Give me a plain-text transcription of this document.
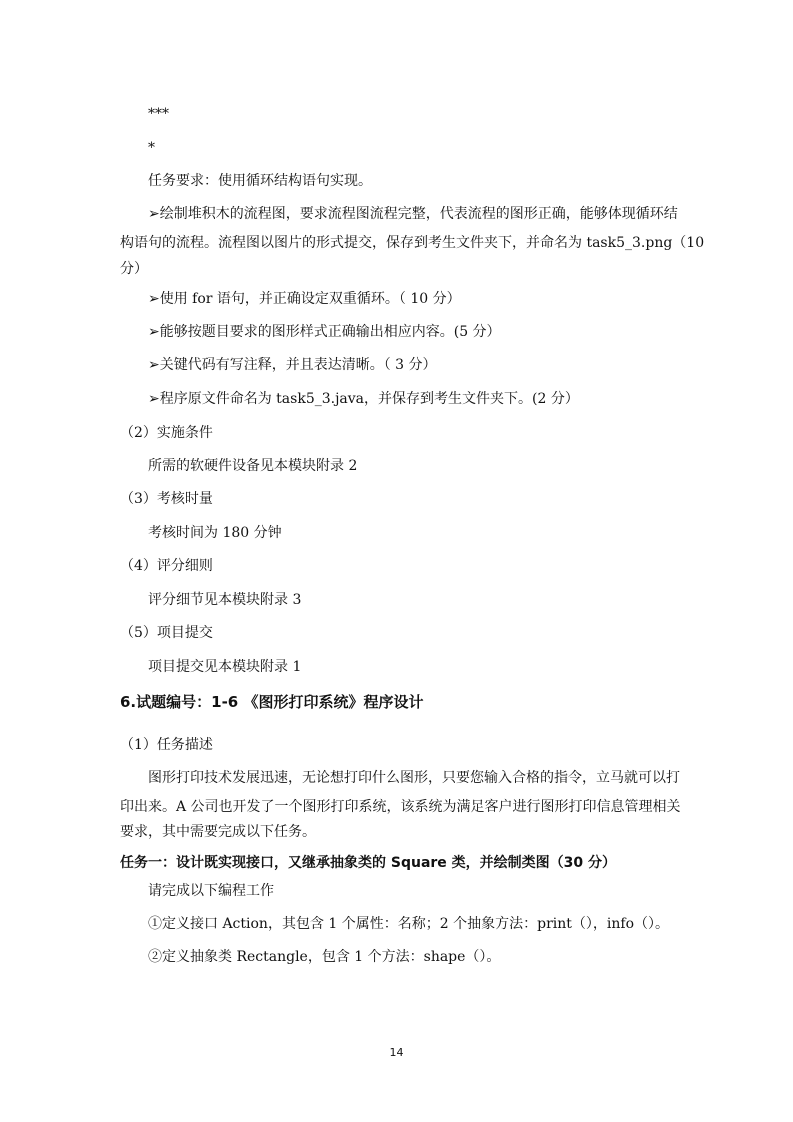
***
*
任务要求：使用循环结构语句实现。
➢绘制堆积木的流程图，要求流程图流程完整，代表流程的图形正确，能够体现循环结
构语句的流程。流程图以图片的形式提交，保存到考生文件夹下，并命名为 task5_3.png（10
分）
➢使用 for 语句，并正确设定双重循环。（ 10 分）
➢能够按题目要求的图形样式正确输出相应内容。(5 分）
➢关键代码有写注释，并且表达清晰。（ 3 分）
➢程序原文件命名为 task5_3.java，并保存到考生文件夹下。(2 分）
（2）实施条件
所需的软硬件设备见本模块附录 2
（3）考核时量
考核时间为 180 分钟
（4）评分细则
评分细节见本模块附录 3
（5）项目提交
项目提交见本模块附录 1
6.试题编号：1-6 《图形打印系统》程序设计
（1）任务描述
图形打印技术发展迅速，无论想打印什么图形，只要您输入合格的指令，立马就可以打
印出来。A 公司也开发了一个图形打印系统，该系统为满足客户进行图形打印信息管理相关
要求，其中需要完成以下任务。
任务一：设计既实现接口，又继承抽象类的 Square 类，并绘制类图（30 分）
请完成以下编程工作
①定义接口 Action，其包含 1 个属性：名称；2 个抽象方法：print（），info（）。
②定义抽象类 Rectangle，包含 1 个方法：shape（）。
14
